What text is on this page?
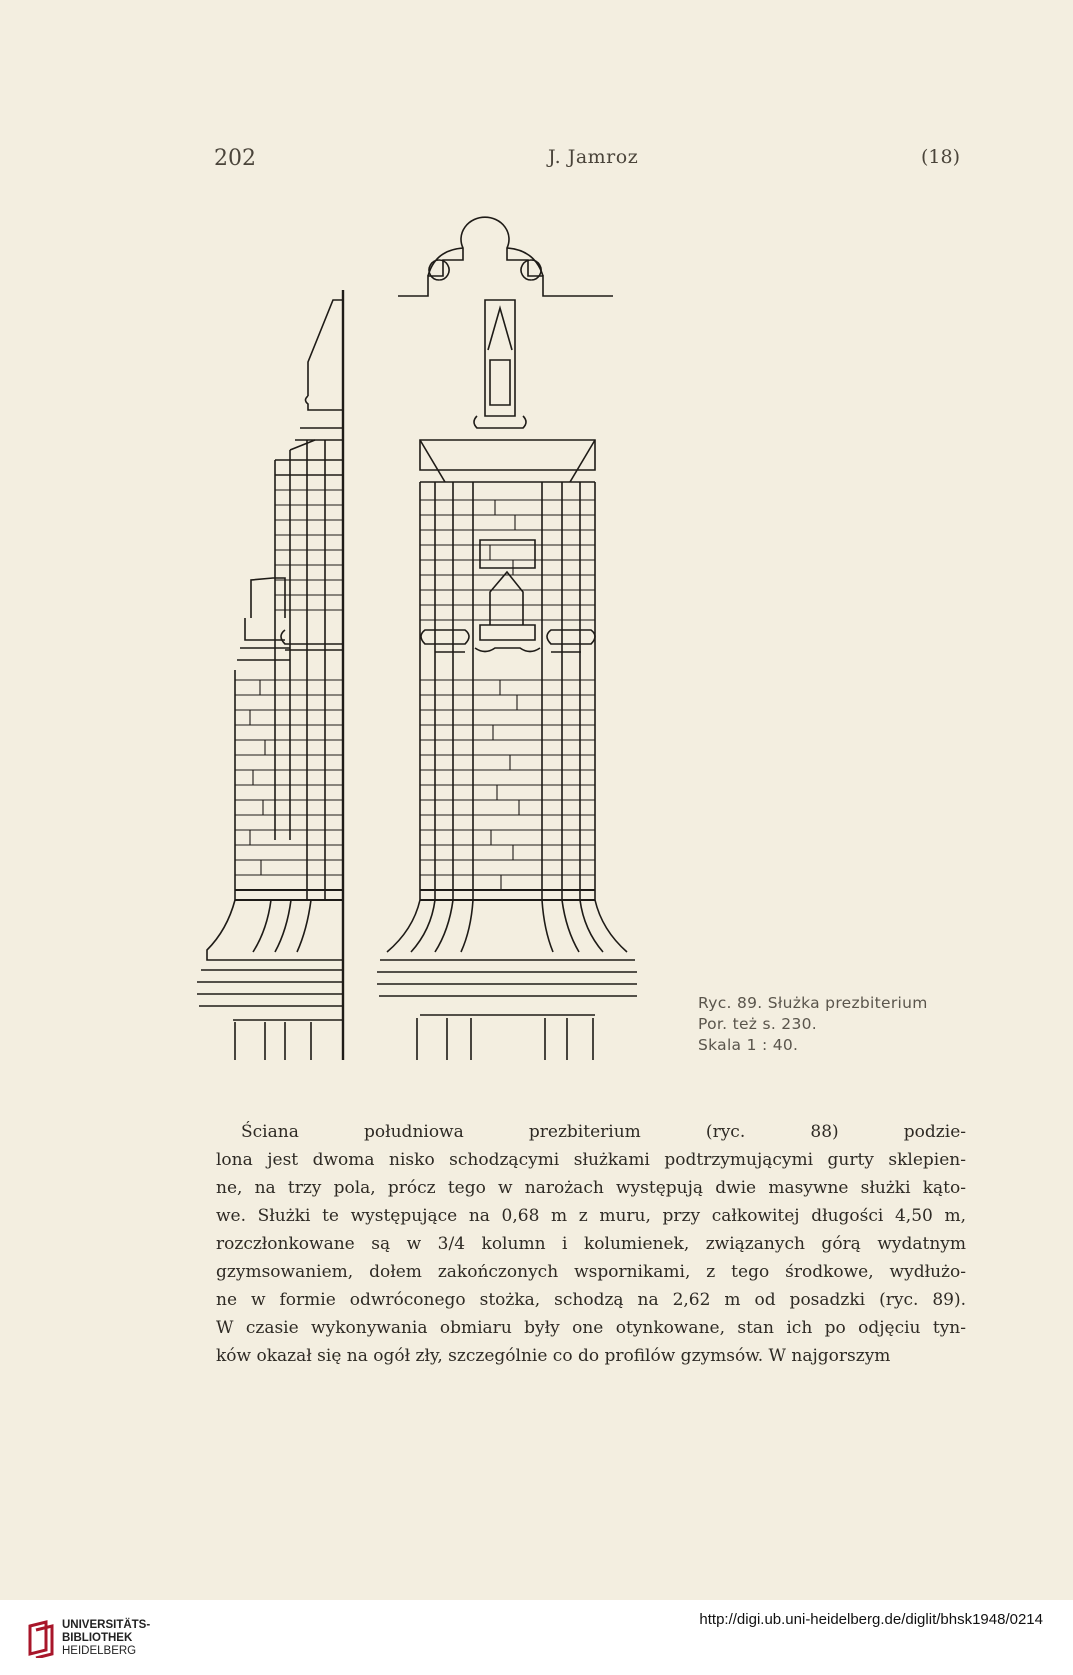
202	J. Jamroz	(18)
Ryc. 89. Służka prezbiterium
Por. też s. 230.
Skala 1 : 40.
Ściana południowa prezbiterium (ryc. 88) podzie-
lona jest dwoma nisko schodzącymi służkami podtrzymującymi gurty sklepien-
ne, na trzy pola, prócz tego w narożach występują dwie masywne służki kąto-
we. Służki te występujące na 0,68 m z muru, przy całkowitej długości 4,50 m,
rozczłonkowane są w 3/4 kolumn i kolumienek, związanych górą wydatnym
gzymsowaniem, dołem zakończonych wspornikami, z tego środkowe, wydłużo-
ne w formie odwróconego stożka, schodzą na 2,62 m od posadzki (ryc. 89).
W czasie wykonywania obmiaru były one otynkowane, stan ich po odjęciu tyn-
ków okazał się na ogół zły, szczególnie co do profilów gzymsów. W najgorszym
UNIVERSITÄTS-
BIBLIOTHEK
HEIDELBERG
http://digi.ub.uni-heidelberg.de/diglit/bhsk1948/0214
